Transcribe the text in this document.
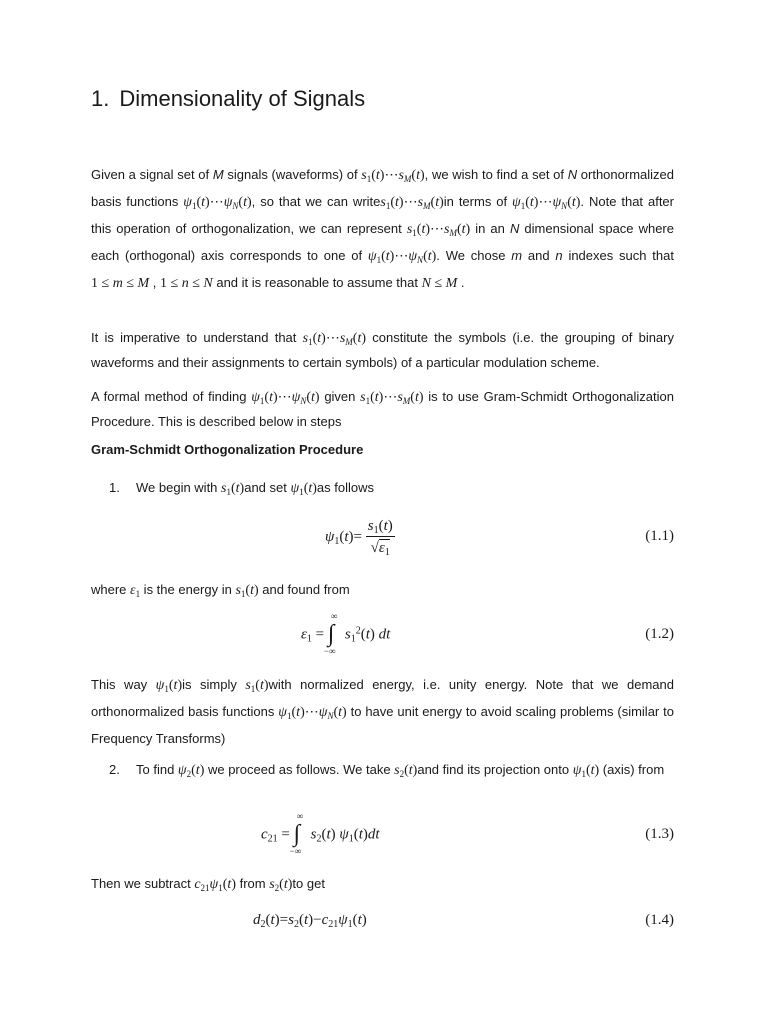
1. Dimensionality of Signals

Given a signal set of M signals (waveforms) of $s_1(t)\cdots s_M(t)$, we wish to find a set of N orthonormalized basis functions $\psi_1(t)\cdots\psi_N(t)$, so that we can $writes_1(t)\cdots s_M(t)in$ terms of $\psi_1(t)\cdots\psi_N(t)$. Note that after this operation of orthogonalization, we can represent $s_1(t)\cdots s_M(t)$ in an N dimensional space where each (orthogonal) axis corresponds to one of $\psi_1(t)\cdots\psi_N(t)$. We chose m and n indexes such that 1 ≤ m ≤ M , 1 ≤ n ≤ N and it is reasonable to assume that N ≤ M .

It is imperative to understand that $s_1(t)\cdots s_M(t)$ constitute the symbols (i.e. the grouping of binary waveforms and their assignments to certain symbols) of a particular modulation scheme.

A formal method of finding $\psi_1(t)\cdots\psi_N(t)$ given $s_1(t)\cdots s_M(t)$ is to use Gram-Schmidt Orthogonalization Procedure. This is described below in steps

Gram-Schmidt Orthogonalization Procedure

1. We begin with $s_1(t)and$ set $\psi_1(t)as$ follows

$\psi_1(t)= \frac{s_1(t)}{√\varepsilon_1}$	(1.1)

where $\varepsilon_1$ is the energy in $s_1(t)$ and found from

$\varepsilon_1$ =
∞
∫
−∞
$s_1^2(t)$ dt	(1.2)

This way $\psi_1(t)is$ simply $s_1(t)with$ normalized energy, i.e. unity energy. Note that we demand orthonormalized basis functions $\psi_1(t)\cdots\psi_N(t)$ to have unit energy to avoid scaling problems (similar to Frequency Transforms)

2. To find $\psi_2(t)$ we proceed as follows. We take $s_2(t)and$ find its projection onto $\psi_1(t)$ (axis) from

$c_{21}$ =
∞
∫
−∞
$s_2(t)$ $\psi_1(t)dt$	(1.3)

Then we subtract $c_{21}\psi_1(t)$ from $s_2(t)to$ get

$d_2(t)=s_2(t)-c_{21}\psi_1(t)$	(1.4)
